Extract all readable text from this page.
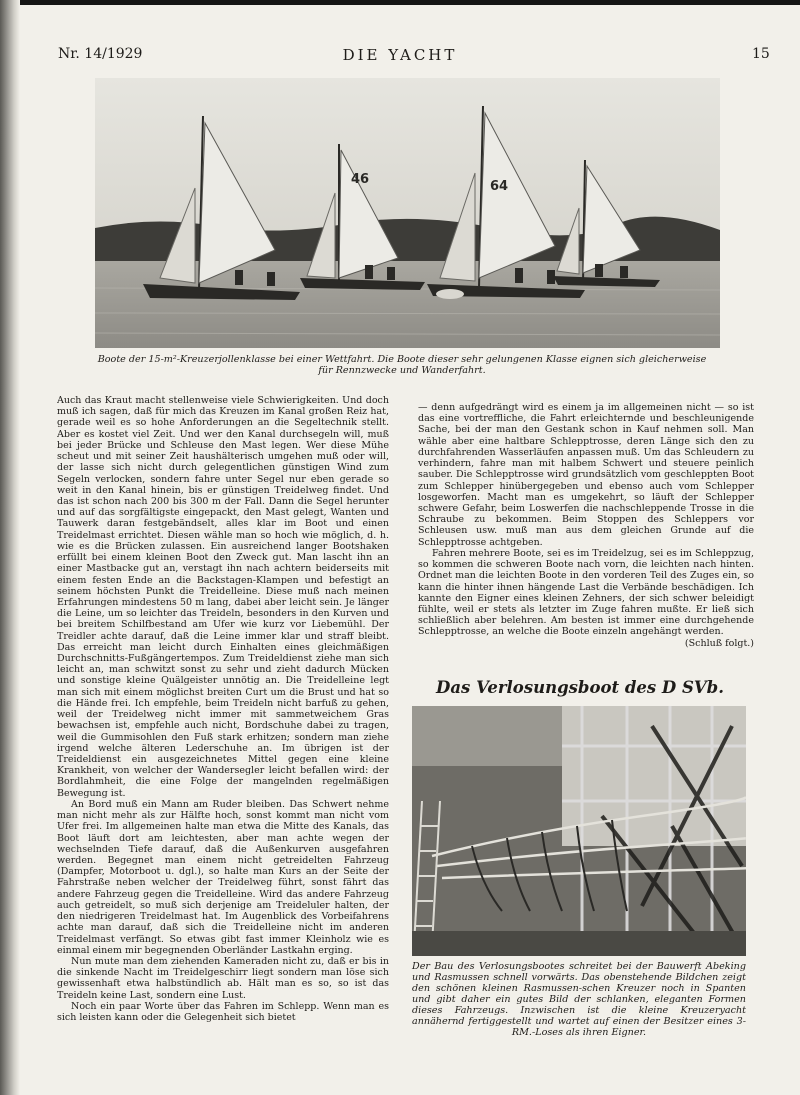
Nr. 14/1929	DIE YACHT	15
46	64
Boote der 15-m²-Kreuzerjollenklasse bei einer Wettfahrt. Die Boote dieser sehr gelungenen Klasse eignen sich gleicherweise
für Rennzwecke und Wanderfahrt.

Auch das Kraut macht stellenweise viele Schwierigkeiten. Und doch muß ich sagen, daß für mich das Kreuzen im Kanal großen Reiz hat, gerade weil es so hohe Anforderungen an die Segeltechnik stellt. Aber es kostet viel Zeit. Und wer den Kanal durchsegeln will, muß bei jeder Brücke und Schleuse den Mast legen. Wer diese Mühe scheut und mit seiner Zeit haushälterisch umgehen muß oder will, der lasse sich nicht durch gelegentlichen günstigen Wind zum Segeln verlocken, sondern fahre unter Segel nur eben gerade so weit in den Kanal hinein, bis er günstigen Treidelweg findet. Und das ist schon nach 200 bis 300 m der Fall. Dann die Segel herunter und auf das sorgfältigste eingepackt, den Mast gelegt, Wanten und Tauwerk daran festgebändselt, alles klar im Boot und einen Treidelmast errichtet. Diesen wähle man so hoch wie möglich, d. h. wie es die Brücken zulassen. Ein ausreichend langer Bootshaken erfüllt bei einem kleinen Boot den Zweck gut. Man lascht ihn an einer Mastbacke gut an, verstagt ihn nach achtern beiderseits mit einem festen Ende an die Backstagen-Klampen und befestigt an seinem höchsten Punkt die Treidelleine. Diese muß nach meinen Erfahrungen mindestens 50 m lang, dabei aber leicht sein. Je länger die Leine, um so leichter das Treideln, besonders in den Kurven und bei breitem Schilfbestand am Ufer wie kurz vor Liebemühl. Der Treidler achte darauf, daß die Leine immer klar und straff bleibt. Das erreicht man leicht durch Einhalten eines gleichmäßigen Durchschnitts-Fußgängertempos. Zum Treideldienst ziehe man sich leicht an, man schwitzt sonst zu sehr und zieht dadurch Mücken und sonstige kleine Quälgeister unnötig an. Die Treidelleine legt man sich mit einem möglichst breiten Curt um die Brust und hat so die Hände frei. Ich empfehle, beim Treideln nicht barfuß zu gehen, weil der Treidelweg nicht immer mit sammetweichem Gras bewachsen ist, empfehle auch nicht, Bordschuhe dabei zu tragen, weil die Gummisohlen den Fuß stark erhitzen; sondern man ziehe irgend welche älteren Lederschuhe an. Im übrigen ist der Treideldienst ein ausgezeichnetes Mittel gegen eine kleine Krankheit, von welcher der Wandersegler leicht befallen wird: der Bordlahmheit, die eine Folge der mangelnden regelmäßigen Bewegung ist.

An Bord muß ein Mann am Ruder bleiben. Das Schwert nehme man nicht mehr als zur Hälfte hoch, sonst kommt man nicht vom Ufer frei. Im allgemeinen halte man etwa die Mitte des Kanals, das Boot läuft dort am leichtesten, aber man achte wegen der wechselnden Tiefe darauf, daß die Außenkurven ausgefahren werden. Begegnet man einem nicht getreidelten Fahrzeug (Dampfer, Motorboot u. dgl.), so halte man Kurs an der Seite der Fahrstraße neben welcher der Treidelweg führt, sonst fährt das andere Fahrzeug gegen die Treidelleine. Wird das andere Fahrzeug auch getreidelt, so muß sich derjenige am Treideluler halten, der den niedrigeren Treidelmast hat. Im Augenblick des Vorbeifahrens achte man darauf, daß sich die Treidelleine nicht im anderen Treidelmast verfängt. So etwas gibt fast immer Kleinholz wie es einmal einem mir begegnenden Oberländer Lastkahn erging.

Nun mute man dem ziehenden Kameraden nicht zu, daß er bis in die sinkende Nacht im Treidelgeschirr liegt sondern man löse sich gewissenhaft etwa halbstündlich ab. Hält man es so, so ist das Treideln keine Last, sondern eine Lust.

Noch ein paar Worte über das Fahren im Schlepp. Wenn man es sich leisten kann oder die Gelegenheit sich bietet

— denn aufgedrängt wird es einem ja im allgemeinen nicht — so ist das eine vortreffliche, die Fahrt erleichternde und beschleunigende Sache, bei der man den Gestank schon in Kauf nehmen soll. Man wähle aber eine haltbare Schlepptrosse, deren Länge sich den zu durchfahrenden Wasserläufen anpassen muß. Um das Schleudern zu verhindern, fahre man mit halbem Schwert und steuere peinlich sauber. Die Schlepptrosse wird grundsätzlich vom geschleppten Boot zum Schlepper hinübergegeben und ebenso auch vom Schlepper losgeworfen. Macht man es umgekehrt, so läuft der Schlepper schwere Gefahr, beim Loswerfen die nachschleppende Trosse in die Schraube zu bekommen. Beim Stoppen des Schleppers vor Schleusen usw. muß man aus dem gleichen Grunde auf die Schlepptrosse achtgeben.

Fahren mehrere Boote, sei es im Treidelzug, sei es im Schleppzug, so kommen die schweren Boote nach vorn, die leichten nach hinten. Ordnet man die leichten Boote in den vorderen Teil des Zuges ein, so kann die hinter ihnen hängende Last die Verbände beschädigen. Ich kannte den Eigner eines kleinen Zehners, der sich schwer beleidigt fühlte, weil er stets als letzter im Zuge fahren mußte. Er ließ sich schließlich aber belehren. Am besten ist immer eine durchgehende Schlepptrosse, an welche die Boote einzeln angehängt werden.

(Schluß folgt.)

Das Verlosungsboot des D SVb.
Der Bau des Verlosungsbootes schreitet bei der Bauwerft Abeking und Rasmussen schnell vorwärts. Das obenstehende Bildchen zeigt den schönen kleinen Rasmussen-schen Kreuzer noch in Spanten und gibt daher ein gutes Bild der schlanken, eleganten Formen dieses Fahrzeugs. Inzwischen ist die kleine Kreuzeryacht annähernd fertiggestellt und wartet auf einen der Besitzer eines 3-RM.-Loses als ihren Eigner.
